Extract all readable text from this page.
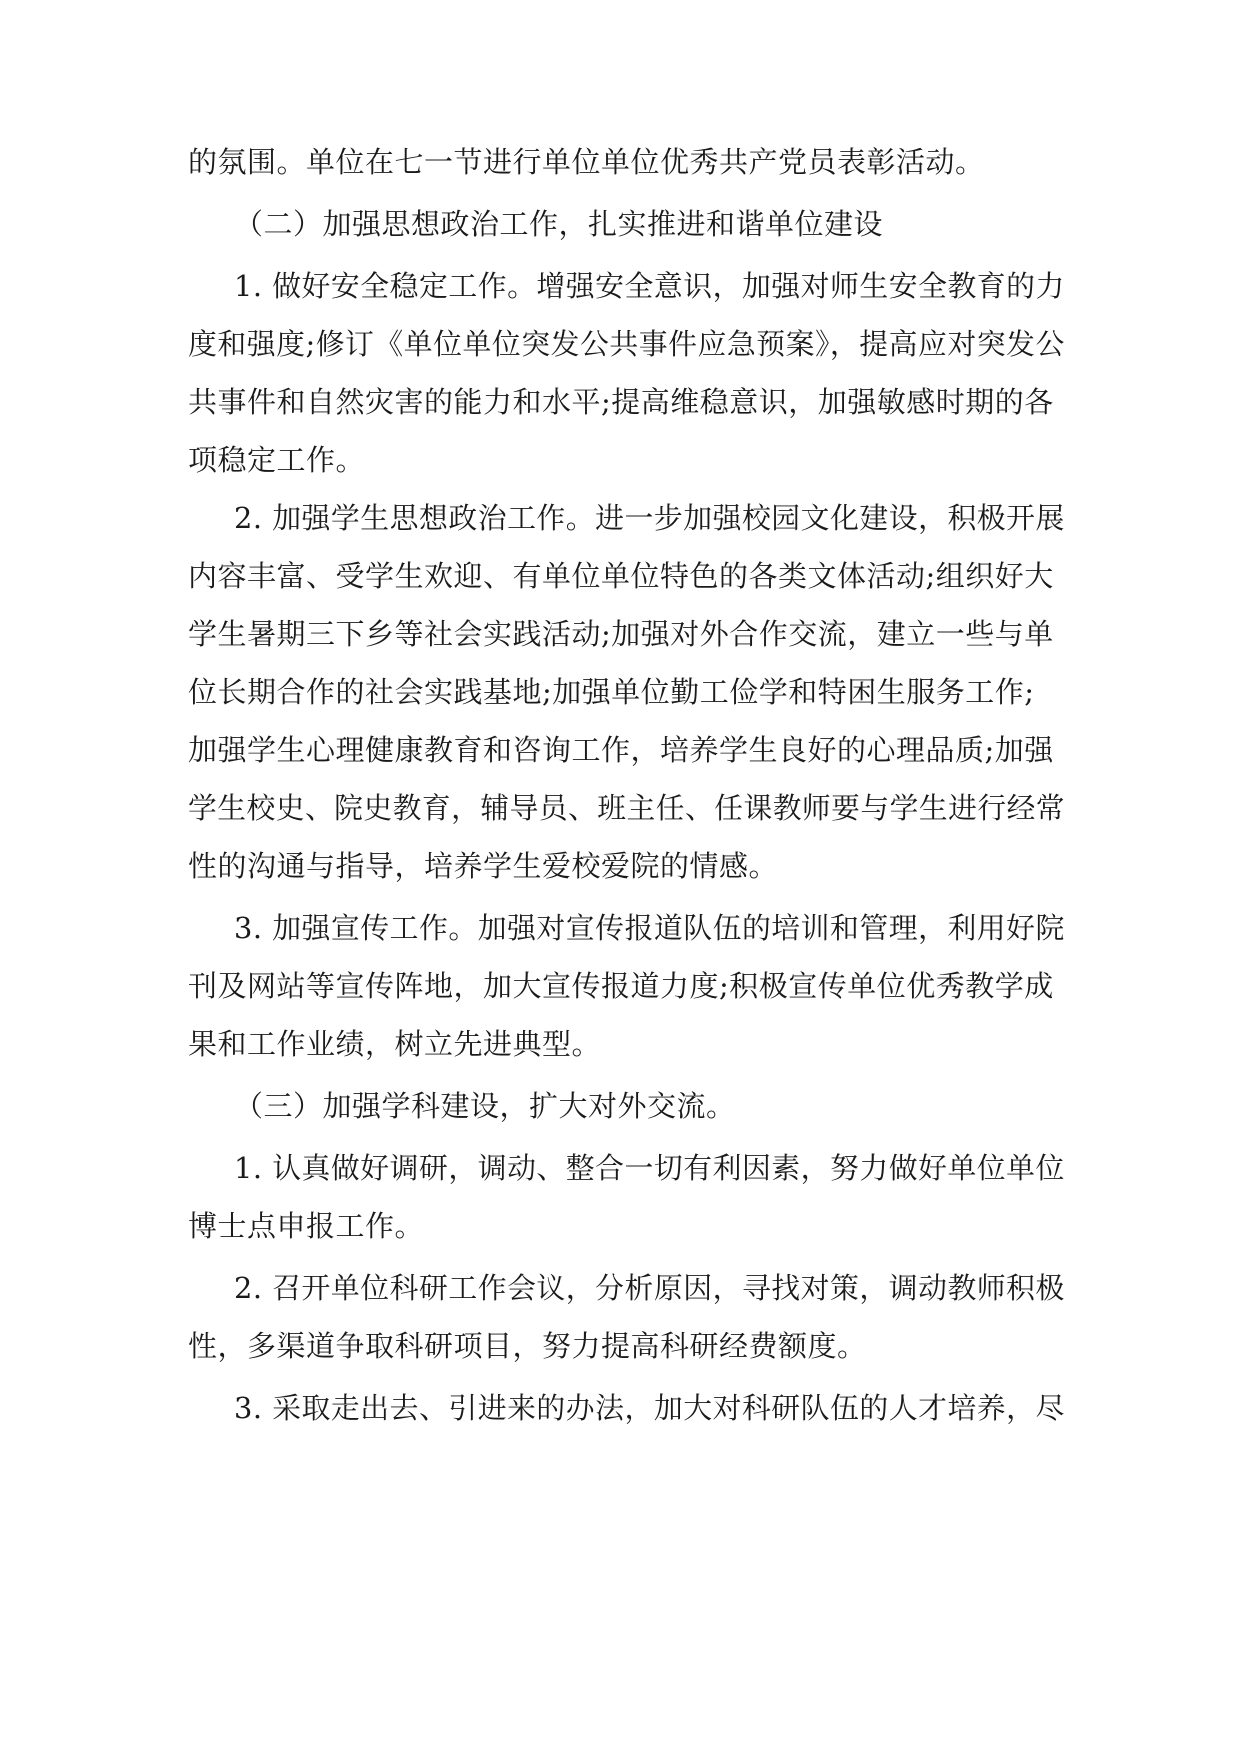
的氛围。单位在七一节进行单位单位优秀共产党员表彰活动。
（二）加强思想政治工作，扎实推进和谐单位建设
1. 做好安全稳定工作。增强安全意识，加强对师生安全教育的力
度和强度;修订《单位单位突发公共事件应急预案》，提高应对突发公
共事件和自然灾害的能力和水平;提高维稳意识，加强敏感时期的各
项稳定工作。
2. 加强学生思想政治工作。进一步加强校园文化建设，积极开展
内容丰富、受学生欢迎、有单位单位特色的各类文体活动;组织好大
学生暑期三下乡等社会实践活动;加强对外合作交流，建立一些与单
位长期合作的社会实践基地;加强单位勤工俭学和特困生服务工作;
加强学生心理健康教育和咨询工作，培养学生良好的心理品质;加强
学生校史、院史教育，辅导员、班主任、任课教师要与学生进行经常
性的沟通与指导，培养学生爱校爱院的情感。
3. 加强宣传工作。加强对宣传报道队伍的培训和管理，利用好院
刊及网站等宣传阵地，加大宣传报道力度;积极宣传单位优秀教学成
果和工作业绩，树立先进典型。
（三）加强学科建设，扩大对外交流。
1. 认真做好调研，调动、整合一切有利因素，努力做好单位单位
博士点申报工作。
2. 召开单位科研工作会议，分析原因，寻找对策，调动教师积极
性，多渠道争取科研项目，努力提高科研经费额度。
3. 采取走出去、引进来的办法，加大对科研队伍的人才培养，尽
